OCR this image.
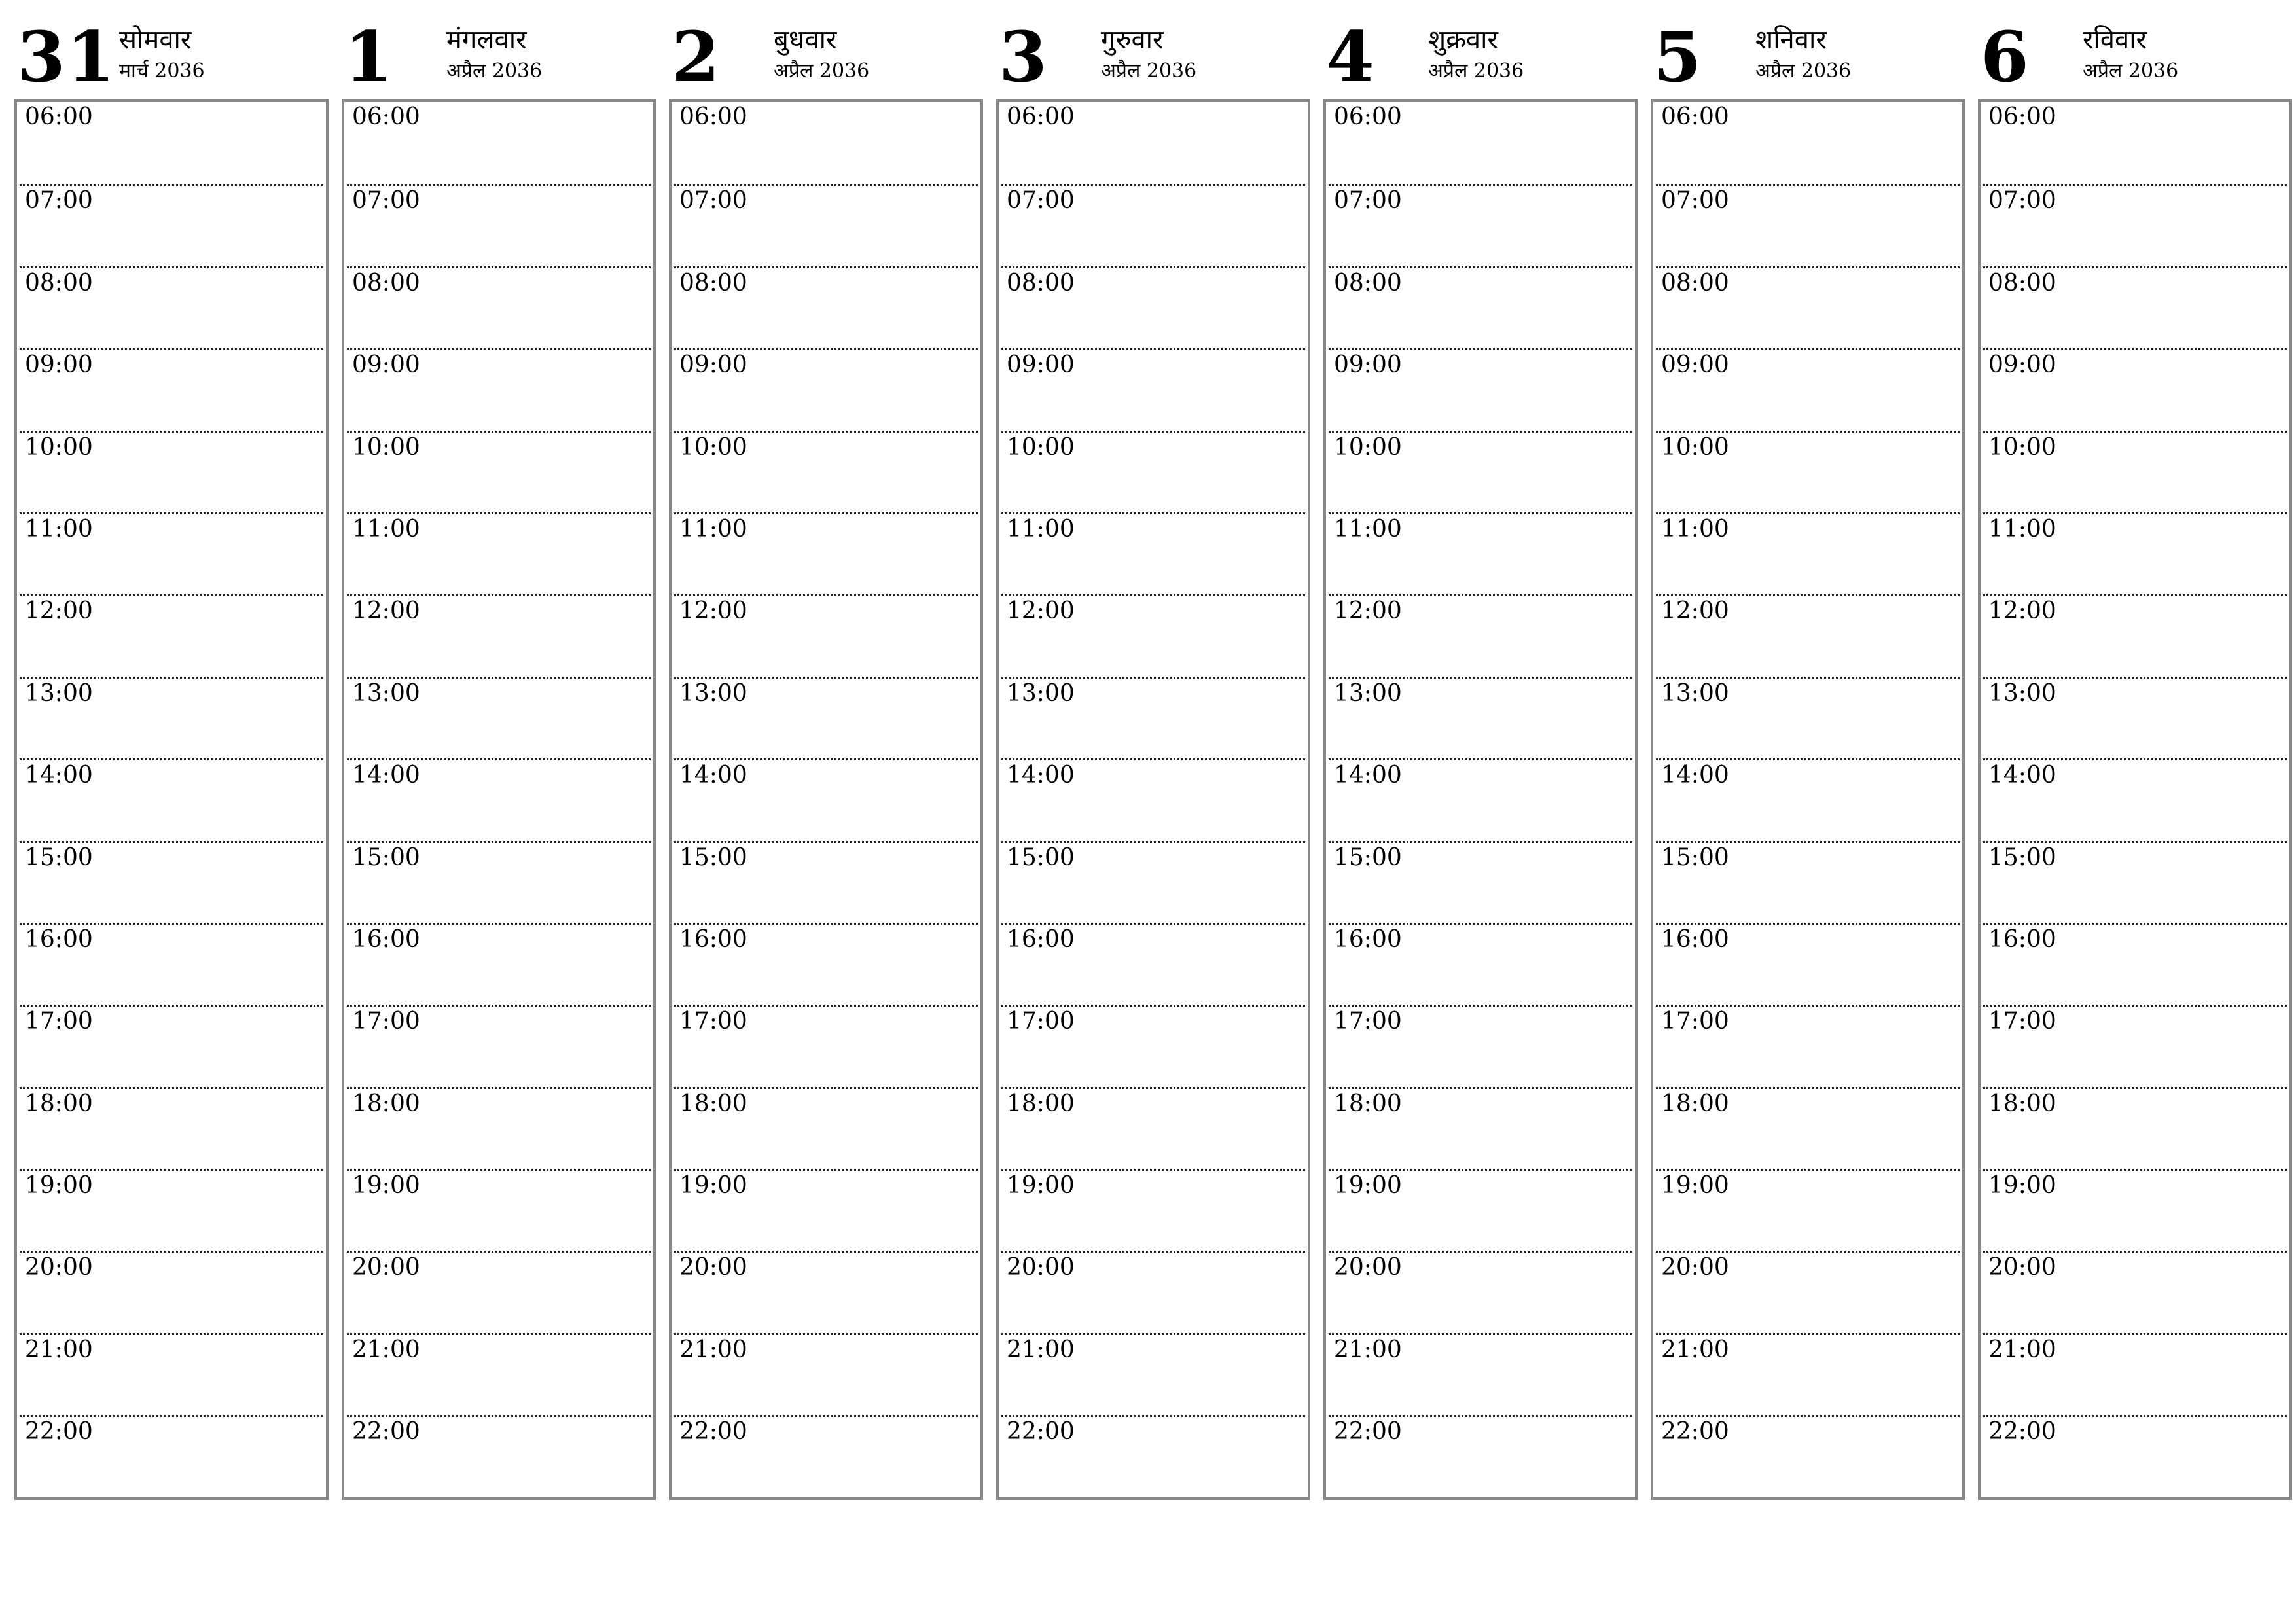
31 सोमवार
मार्च 2036
06:00
07:00
08:00
09:00
10:00
11:00
12:00
13:00
14:00
15:00
16:00
17:00
18:00
19:00
20:00
21:00
22:00
1 मंगलवार
अप्रैल 2036
06:00
07:00
08:00
09:00
10:00
11:00
12:00
13:00
14:00
15:00
16:00
17:00
18:00
19:00
20:00
21:00
22:00
2 बुधवार
अप्रैल 2036
06:00
07:00
08:00
09:00
10:00
11:00
12:00
13:00
14:00
15:00
16:00
17:00
18:00
19:00
20:00
21:00
22:00
3 गुरुवार
अप्रैल 2036
06:00
07:00
08:00
09:00
10:00
11:00
12:00
13:00
14:00
15:00
16:00
17:00
18:00
19:00
20:00
21:00
22:00
4 शुक्रवार
अप्रैल 2036
06:00
07:00
08:00
09:00
10:00
11:00
12:00
13:00
14:00
15:00
16:00
17:00
18:00
19:00
20:00
21:00
22:00
5 शनिवार
अप्रैल 2036
06:00
07:00
08:00
09:00
10:00
11:00
12:00
13:00
14:00
15:00
16:00
17:00
18:00
19:00
20:00
21:00
22:00
6 रविवार
अप्रैल 2036
06:00
07:00
08:00
09:00
10:00
11:00
12:00
13:00
14:00
15:00
16:00
17:00
18:00
19:00
20:00
21:00
22:00
